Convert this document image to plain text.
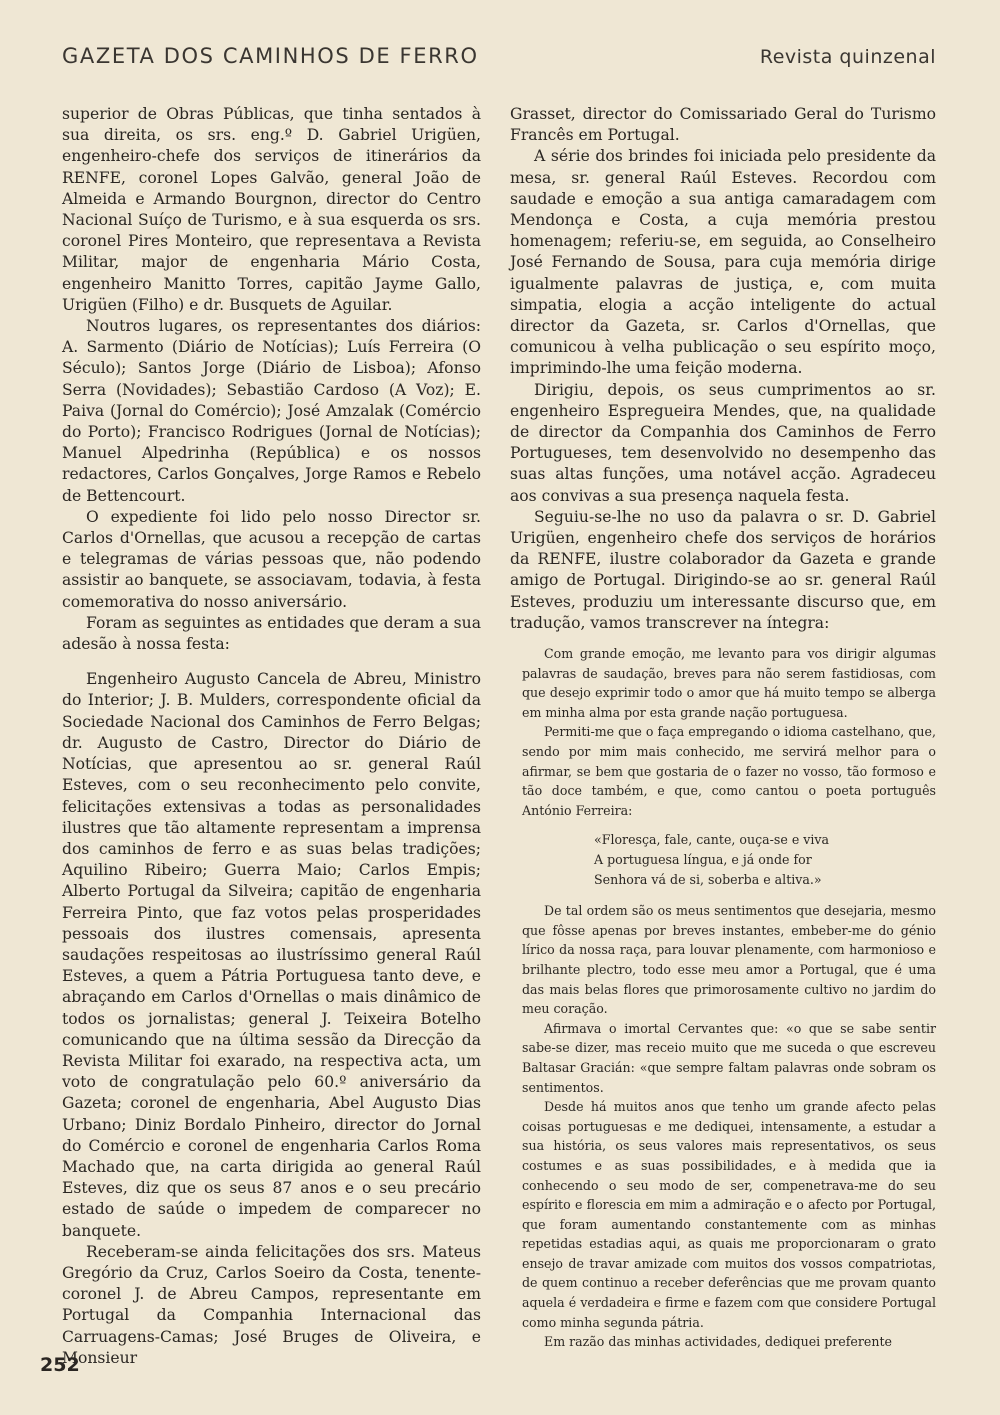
GAZETA DOS CAMINHOS DE FERRO	Revista quinzenal

superior de Obras Públicas, que tinha sentados à sua direita, os srs. eng.º D. Gabriel Urigüen, engenheiro-chefe dos serviços de itinerários da RENFE, coronel Lopes Galvão, general João de Almeida e Armando Bourgnon, director do Centro Nacional Suíço de Turismo, e à sua esquerda os srs. coronel Pires Monteiro, que representava a Revista Militar, major de engenharia Mário Costa, engenheiro Manitto Torres, capitão Jayme Gallo, Urigüen (Filho) e dr. Busquets de Aguilar.

Noutros lugares, os representantes dos diários: A. Sarmento (Diário de Notícias); Luís Ferreira (O Século); Santos Jorge (Diário de Lisboa); Afonso Serra (Novidades); Sebastião Cardoso (A Voz); E. Paiva (Jornal do Comércio); José Amzalak (Comércio do Porto); Francisco Rodrigues (Jornal de Notícias); Manuel Alpedrinha (República) e os nossos redactores, Carlos Gonçalves, Jorge Ramos e Rebelo de Bettencourt.

O expediente foi lido pelo nosso Director sr. Carlos d'Ornellas, que acusou a recepção de cartas e telegramas de várias pessoas que, não podendo assistir ao banquete, se associavam, todavia, à festa comemorativa do nosso aniversário.

Foram as seguintes as entidades que deram a sua adesão à nossa festa:

Engenheiro Augusto Cancela de Abreu, Ministro do Interior; J. B. Mulders, correspondente oficial da Sociedade Nacional dos Caminhos de Ferro Belgas; dr. Augusto de Castro, Director do Diário de Notícias, que apresentou ao sr. general Raúl Esteves, com o seu reconhecimento pelo convite, felicitações extensivas a todas as personalidades ilustres que tão altamente representam a imprensa dos caminhos de ferro e as suas belas tradições; Aquilino Ribeiro; Guerra Maio; Carlos Empis; Alberto Portugal da Silveira; capitão de engenharia Ferreira Pinto, que faz votos pelas prosperidades pessoais dos ilustres comensais, apresenta saudações respeitosas ao ilustríssimo general Raúl Esteves, a quem a Pátria Portuguesa tanto deve, e abraçando em Carlos d'Ornellas o mais dinâmico de todos os jornalistas; general J. Teixeira Botelho comunicando que na última sessão da Direcção da Revista Militar foi exarado, na respectiva acta, um voto de congratulação pelo 60.º aniversário da Gazeta; coronel de engenharia, Abel Augusto Dias Urbano; Diniz Bordalo Pinheiro, director do Jornal do Comércio e coronel de engenharia Carlos Roma Machado que, na carta dirigida ao general Raúl Esteves, diz que os seus 87 anos e o seu precário estado de saúde o impedem de comparecer no banquete.

Receberam-se ainda felicitações dos srs. Mateus Gregório da Cruz, Carlos Soeiro da Costa, tenente-coronel J. de Abreu Campos, representante em Portugal da Companhia Internacional das Carruagens-Camas; José Bruges de Oliveira, e Monsieur

Grasset, director do Comissariado Geral do Turismo Francês em Portugal.

A série dos brindes foi iniciada pelo presidente da mesa, sr. general Raúl Esteves. Recordou com saudade e emoção a sua antiga camaradagem com Mendonça e Costa, a cuja memória prestou homenagem; referiu-se, em seguida, ao Conselheiro José Fernando de Sousa, para cuja memória dirige igualmente palavras de justiça, e, com muita simpatia, elogia a acção inteligente do actual director da Gazeta, sr. Carlos d'Ornellas, que comunicou à velha publicação o seu espírito moço, imprimindo-lhe uma feição moderna.

Dirigiu, depois, os seus cumprimentos ao sr. engenheiro Espregueira Mendes, que, na qualidade de director da Companhia dos Caminhos de Ferro Portugueses, tem desenvolvido no desempenho das suas altas funções, uma notável acção. Agradeceu aos convivas a sua presença naquela festa.

Seguiu-se-lhe no uso da palavra o sr. D. Gabriel Urigüen, engenheiro chefe dos serviços de horários da RENFE, ilustre colaborador da Gazeta e grande amigo de Portugal. Dirigindo-se ao sr. general Raúl Esteves, produziu um interessante discurso que, em tradução, vamos transcrever na íntegra:

Com grande emoção, me levanto para vos dirigir algumas palavras de saudação, breves para não serem fastidiosas, com que desejo exprimir todo o amor que há muito tempo se alberga em minha alma por esta grande nação portuguesa.

Permiti-me que o faça empregando o idioma castelhano, que, sendo por mim mais conhecido, me servirá melhor para o afirmar, se bem que gostaria de o fazer no vosso, tão formoso e tão doce também, e que, como cantou o poeta português António Ferreira:

«Floresça, fale, cante, ouça-se e viva
A portuguesa língua, e já onde for
Senhora vá de si, soberba e altiva.»

De tal ordem são os meus sentimentos que desejaria, mesmo que fôsse apenas por breves instantes, embeber-me do génio lírico da nossa raça, para louvar plenamente, com harmonioso e brilhante plectro, todo esse meu amor a Portugal, que é uma das mais belas flores que primorosamente cultivo no jardim do meu coração.

Afirmava o imortal Cervantes que: «o que se sabe sentir sabe-se dizer, mas receio muito que me suceda o que escreveu Baltasar Gracián: «que sempre faltam palavras onde sobram os sentimentos.

Desde há muitos anos que tenho um grande afecto pelas coisas portuguesas e me dediquei, intensamente, a estudar a sua história, os seus valores mais representativos, os seus costumes e as suas possibilidades, e à medida que ia conhecendo o seu modo de ser, compenetrava-me do seu espírito e florescia em mim a admiração e o afecto por Portugal, que foram aumentando constantemente com as minhas repetidas estadias aqui, as quais me proporcionaram o grato ensejo de travar amizade com muitos dos vossos compatriotas, de quem continuo a receber deferências que me provam quanto aquela é verdadeira e firme e fazem com que considere Portugal como minha segunda pátria.

Em razão das minhas actividades, dediquei preferente

252
